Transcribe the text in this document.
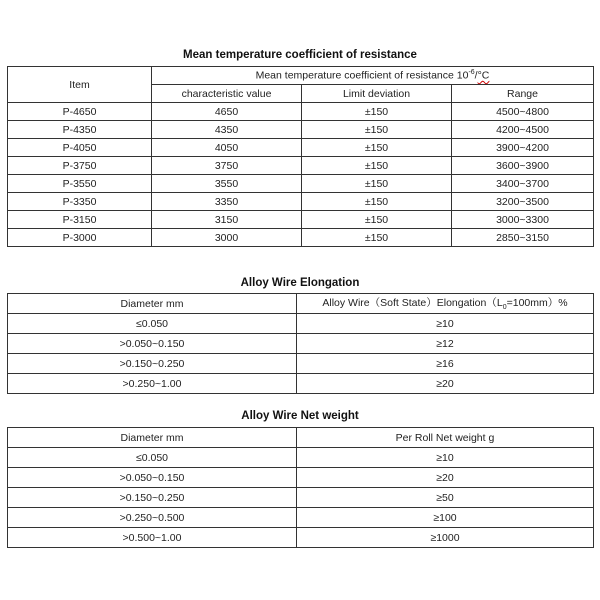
Mean temperature coefficient of resistance
Item	Mean temperature coefficient of resistance $10^{-6}/^\circ C$		
	characteristic value	Limit deviation	Range
P-4650	4650	±150	4500~4800
P-4350	4350	±150	4200~4500
P-4050	4050	±150	3900~4200
P-3750	3750	±150	3600~3900
P-3550	3550	±150	3400~3700
P-3350	3350	±150	3200~3500
P-3150	3150	±150	3000~3300
P-3000	3000	±150	2850~3150
Alloy Wire Elongation
Diameter mm	Alloy Wire（Soft $State)Elongation(L_0=100mm)\%$
≤0.050	≥10
>0.050~0.150	≥12
>0.150~0.250	≥16
>0.250~1.00	≥20
Alloy Wire Net weight
Diameter mm	Per Roll Net weight g
≤0.050	≥10
>0.050~0.150	≥20
>0.150~0.250	≥50
>0.250~0.500	≥100
>0.500~1.00	≥1000
